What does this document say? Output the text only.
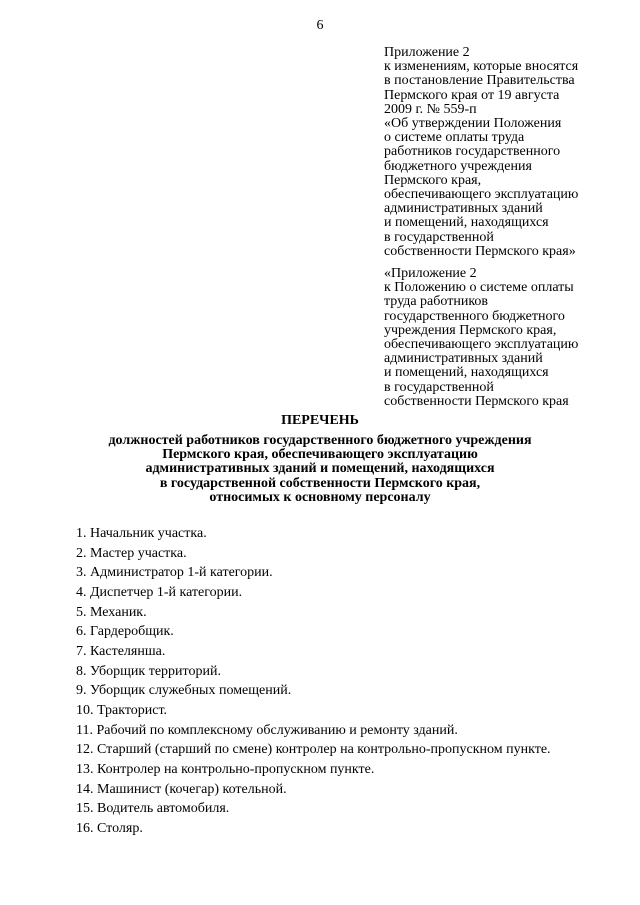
6
Приложение 2
к изменениям, которые вносятся
в постановление Правительства
Пермского края от 19 августа
2009 г. № 559-п
«Об утверждении Положения
о системе оплаты труда
работников государственного
бюджетного учреждения
Пермского края,
обеспечивающего эксплуатацию
административных зданий
и помещений, находящихся
в государственной
собственности Пермского края»
«Приложение 2
к Положению о системе оплаты
труда работников
государственного бюджетного
учреждения Пермского края,
обеспечивающего эксплуатацию
административных зданий
и помещений, находящихся
в государственной
собственности Пермского края
ПЕРЕЧЕНЬ
должностей работников государственного бюджетного учреждения
Пермского края, обеспечивающего эксплуатацию
административных зданий и помещений, находящихся
в государственной собственности Пермского края,
относимых к основному персоналу
1. Начальник участка.
2. Мастер участка.
3. Администратор 1-й категории.
4. Диспетчер 1-й категории.
5. Механик.
6. Гардеробщик.
7. Кастелянша.
8. Уборщик территорий.
9. Уборщик служебных помещений.
10. Тракторист.
11. Рабочий по комплексному обслуживанию и ремонту зданий.
12. Старший (старший по смене) контролер на контрольно-пропускном пункте.
13. Контролер на контрольно-пропускном пункте.
14. Машинист (кочегар) котельной.
15. Водитель автомобиля.
16. Столяр.
